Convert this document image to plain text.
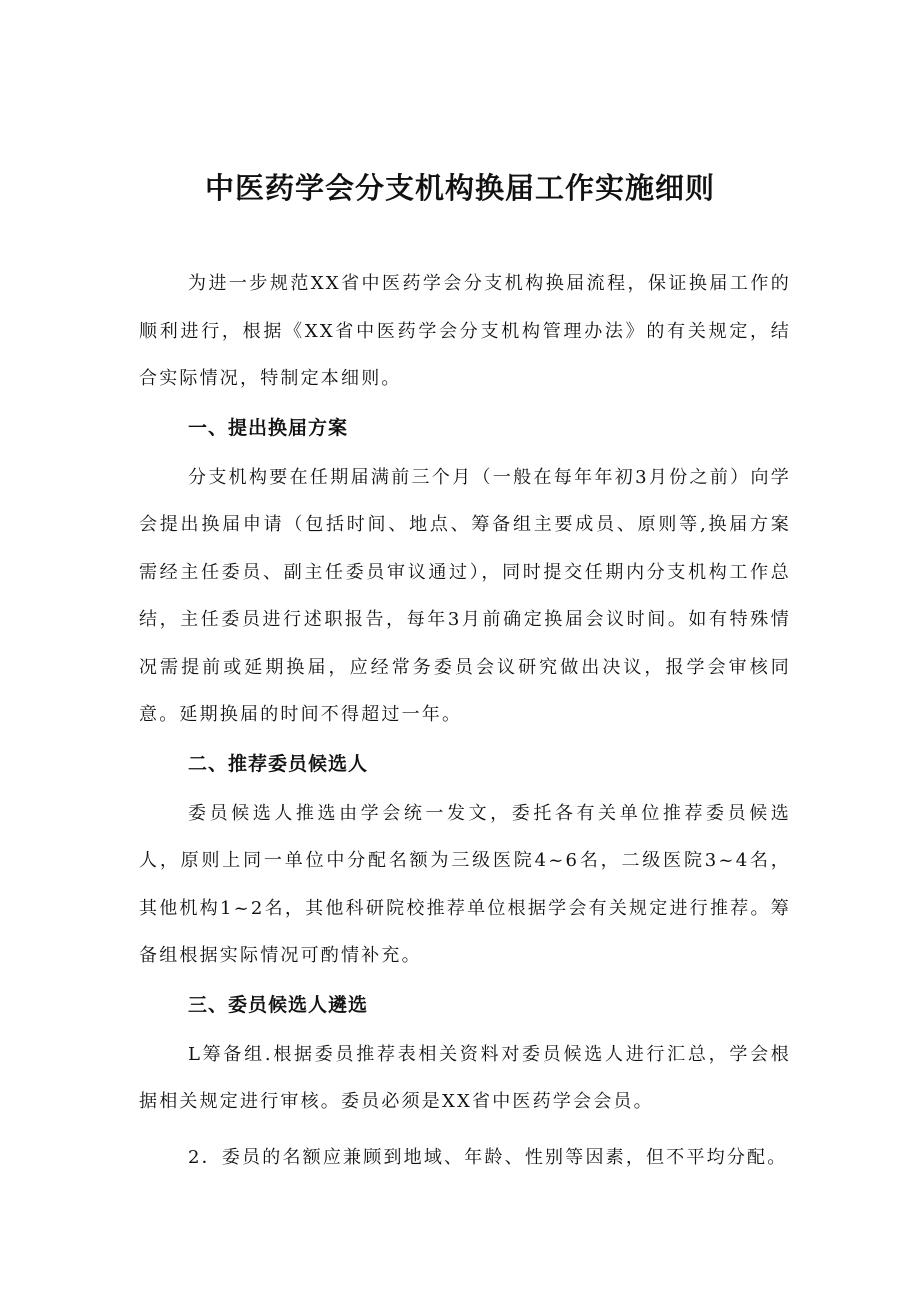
中医药学会分支机构换届工作实施细则

为进一步规范XX省中医药学会分支机构换届流程，保证换届工作的顺利进行，根据《XX省中医药学会分支机构管理办法》的有关规定，结合实际情况，特制定本细则。

一、提出换届方案

分支机构要在任期届满前三个月（一般在每年年初3月份之前）向学会提出换届申请（包括时间、地点、筹备组主要成员、原则等,换届方案需经主任委员、副主任委员审议通过），同时提交任期内分支机构工作总结，主任委员进行述职报告，每年3月前确定换届会议时间。如有特殊情况需提前或延期换届，应经常务委员会议研究做出决议，报学会审核同意。延期换届的时间不得超过一年。

二、推荐委员候选人

委员候选人推选由学会统一发文，委托各有关单位推荐委员候选人，原则上同一单位中分配名额为三级医院4~6名，二级医院3~4名，其他机构1~2名，其他科研院校推荐单位根据学会有关规定进行推荐。筹备组根据实际情况可酌情补充。

三、委员候选人遴选

L筹备组.根据委员推荐表相关资料对委员候选人进行汇总，学会根据相关规定进行审核。委员必须是XX省中医药学会会员。

2．委员的名额应兼顾到地域、年龄、性别等因素，但不平均分配。
